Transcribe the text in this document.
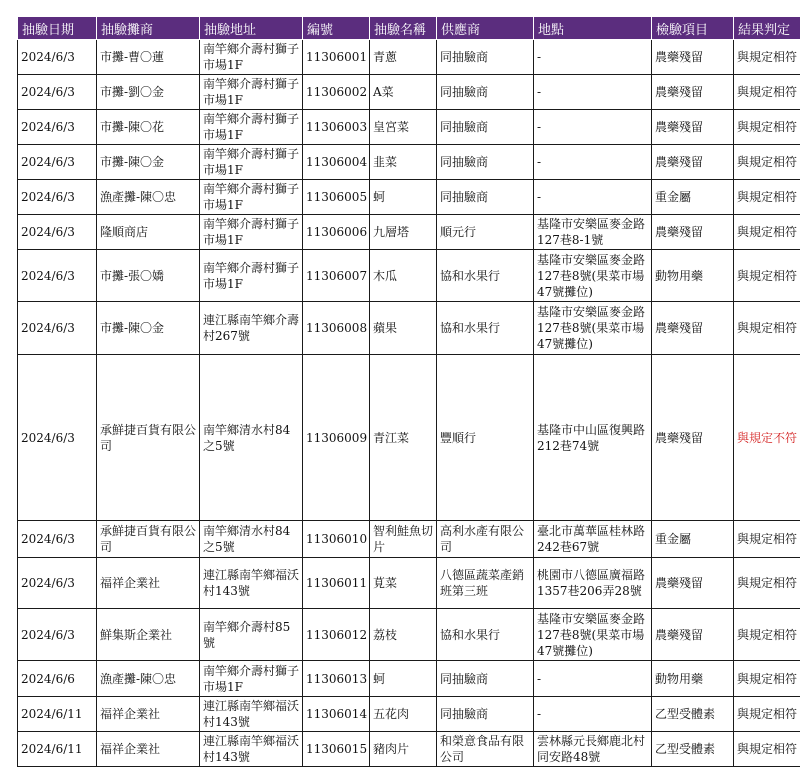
抽驗日期	抽驗攤商	抽驗地址	編號	抽驗名稱	供應商	地點	檢驗項目	結果判定
2024/6/3	市攤-曹〇蓮	南竿鄉介壽村獅子市場1F	11306001	青蔥	同抽驗商	-	農藥殘留	與規定相符
2024/6/3	市攤-劉〇金	南竿鄉介壽村獅子市場1F	11306002	A菜	同抽驗商	-	農藥殘留	與規定相符
2024/6/3	市攤-陳〇花	南竿鄉介壽村獅子市場1F	11306003	皇宮菜	同抽驗商	-	農藥殘留	與規定相符
2024/6/3	市攤-陳〇金	南竿鄉介壽村獅子市場1F	11306004	韭菜	同抽驗商	-	農藥殘留	與規定相符
2024/6/3	漁產攤-陳〇忠	南竿鄉介壽村獅子市場1F	11306005	蚵	同抽驗商	-	重金屬	與規定相符
2024/6/3	隆順商店	南竿鄉介壽村獅子市場1F	11306006	九層塔	順元行	基隆市安樂區麥金路127巷8-1號	農藥殘留	與規定相符
2024/6/3	市攤-張〇嬌	南竿鄉介壽村獅子市場1F	11306007	木瓜	協和水果行	基隆市安樂區麥金路127巷8號(果菜市場47號攤位)	動物用藥	與規定相符
2024/6/3	市攤-陳〇金	連江縣南竿鄉介壽村267號	11306008	蘋果	協和水果行	基隆市安樂區麥金路127巷8號(果菜市場47號攤位)	農藥殘留	與規定相符
2024/6/3	承鮮捷百貨有限公司	南竿鄉清水村84之5號	11306009	青江菜	豐順行	基隆市中山區復興路212巷74號	農藥殘留	與規定不符
2024/6/3	承鮮捷百貨有限公司	南竿鄉清水村84之5號	11306010	智利鮭魚切片	高利水產有限公司	臺北市萬華區桂林路242巷67號	重金屬	與規定相符
2024/6/3	福祥企業社	連江縣南竿鄉福沃村143號	11306011	莧菜	八德區蔬菜產銷班第三班	桃園市八德區廣福路1357巷206弄28號	農藥殘留	與規定相符
2024/6/3	鮮集斯企業社	南竿鄉介壽村85號	11306012	荔枝	協和水果行	基隆市安樂區麥金路127巷8號(果菜市場47號攤位)	農藥殘留	與規定相符
2024/6/6	漁產攤-陳〇忠	南竿鄉介壽村獅子市場1F	11306013	蚵	同抽驗商	-	動物用藥	與規定相符
2024/6/11	福祥企業社	連江縣南竿鄉福沃村143號	11306014	五花肉	同抽驗商	-	乙型受體素	與規定相符
2024/6/11	福祥企業社	連江縣南竿鄉福沃村143號	11306015	豬肉片	和榮意食品有限公司	雲林縣元長鄉鹿北村同安路48號	乙型受體素	與規定相符
